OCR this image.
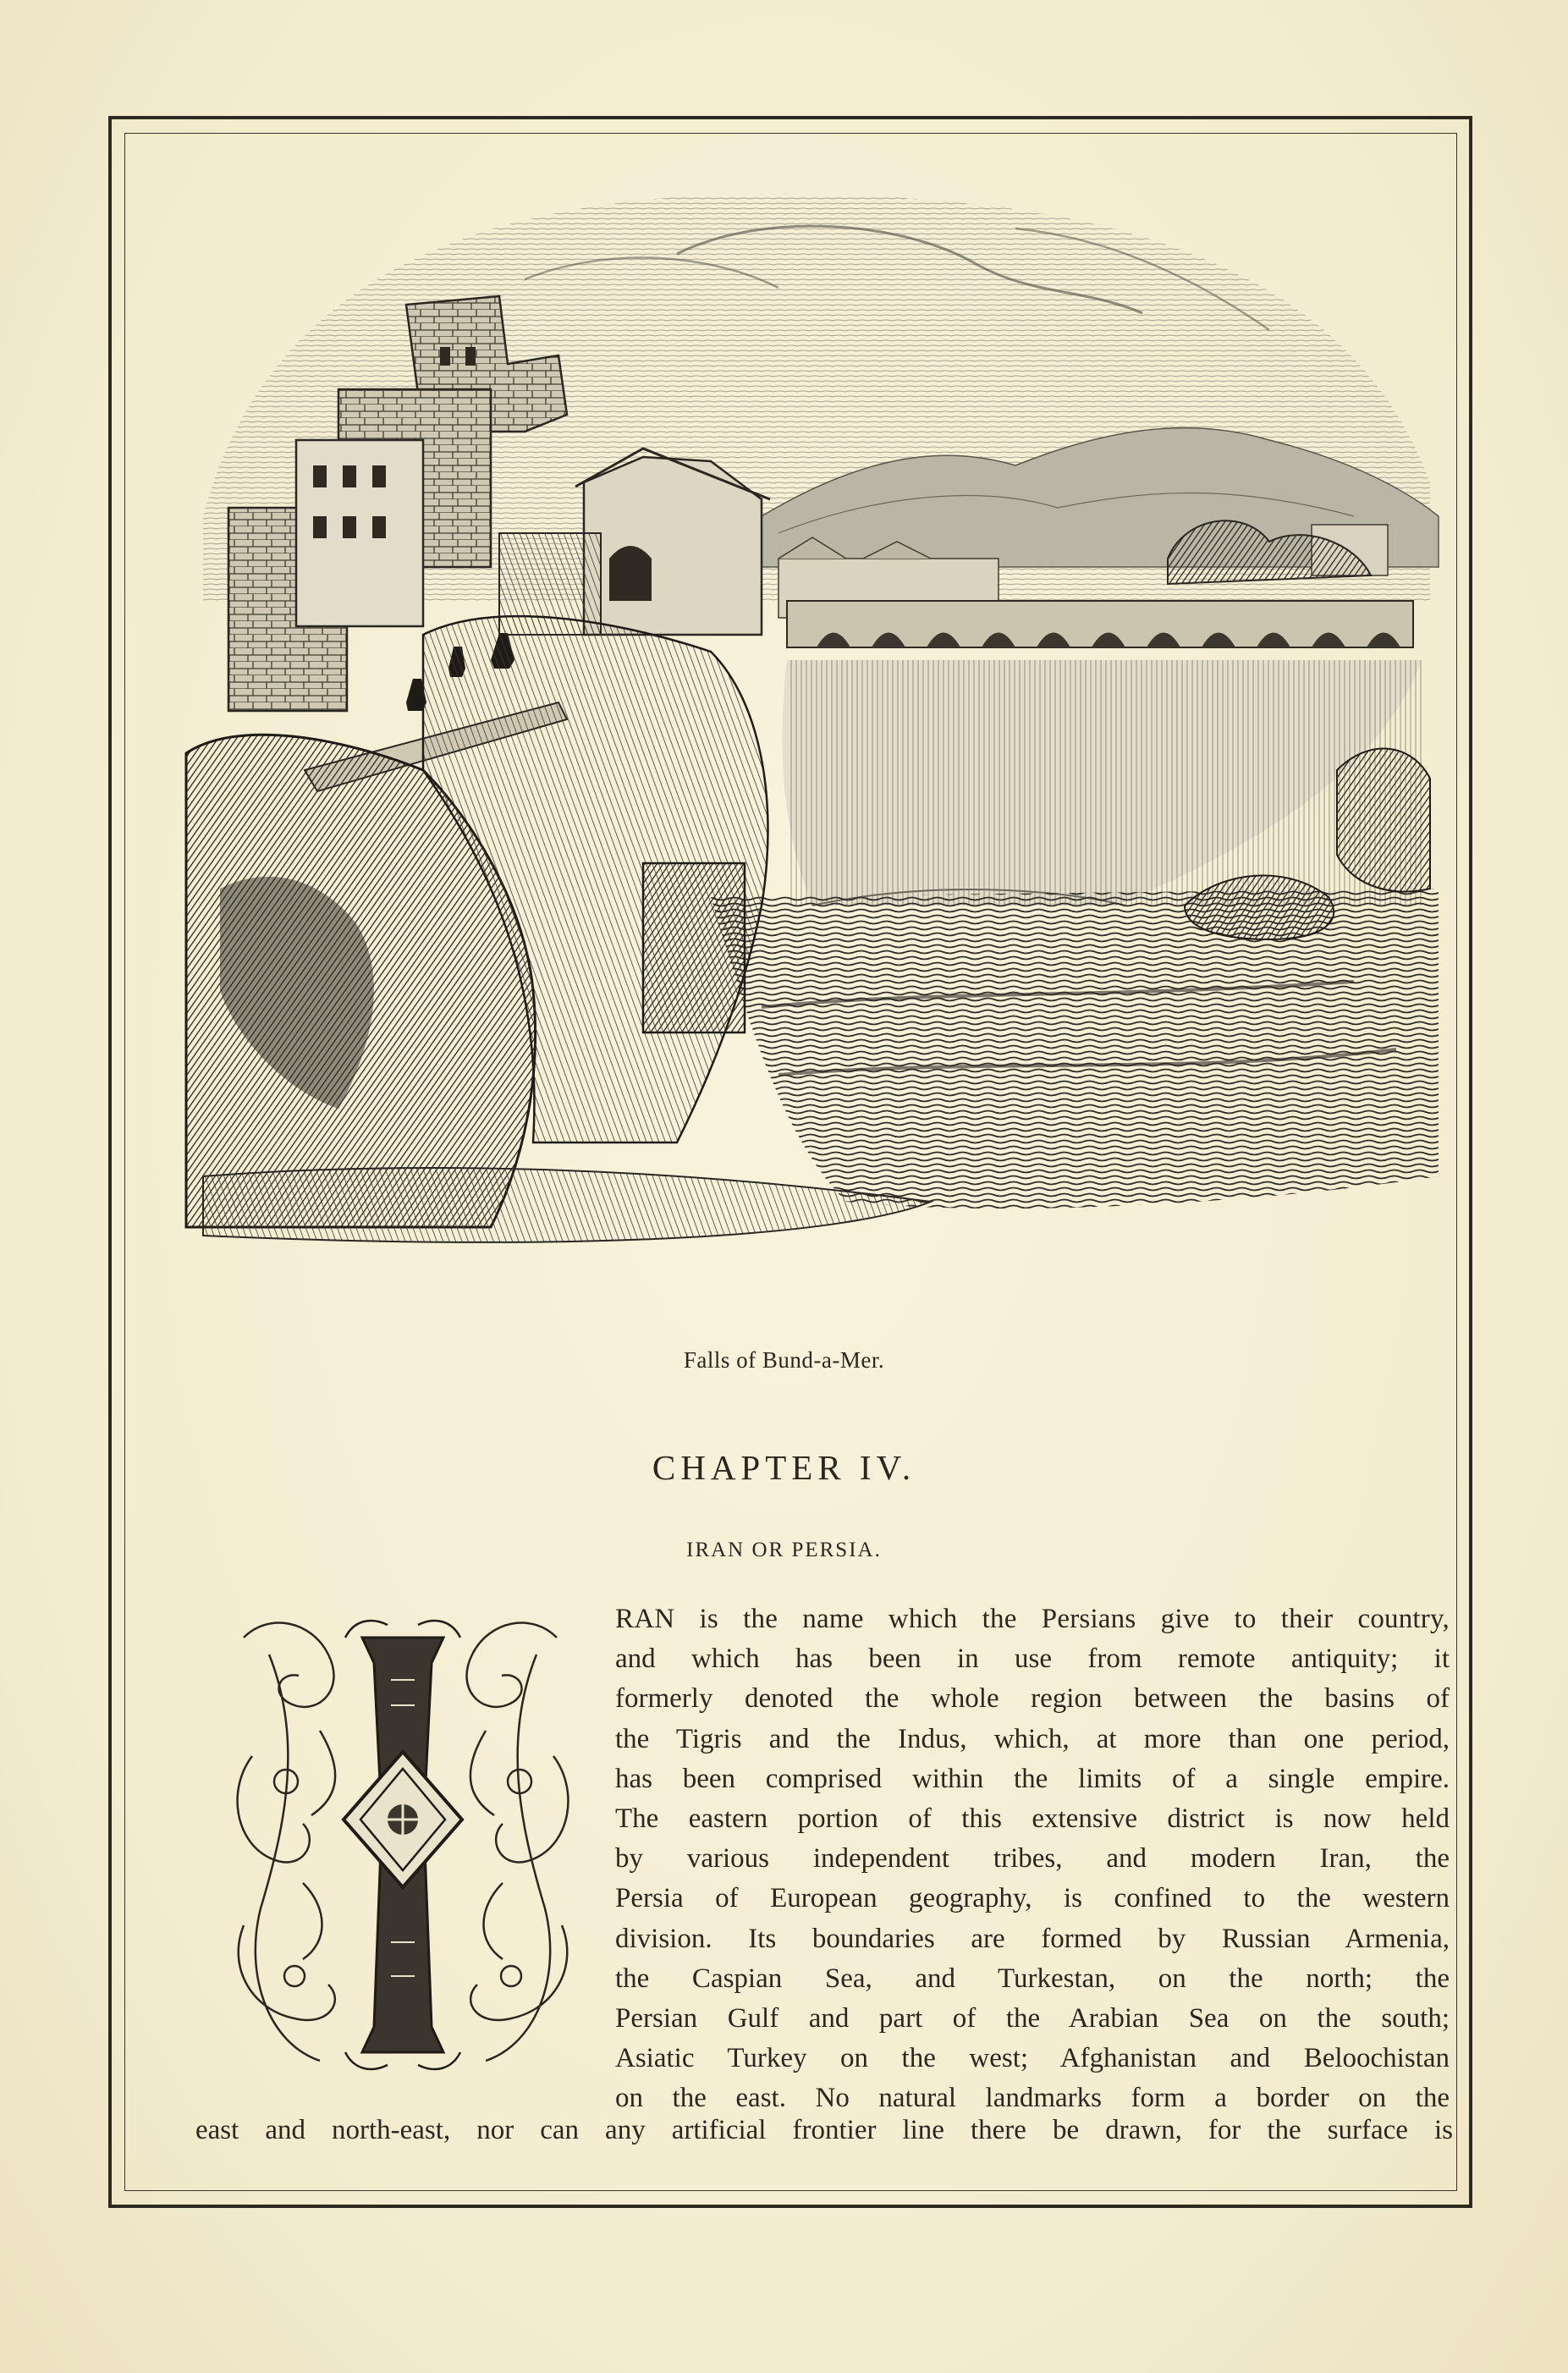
Falls of Bund-a-Mer.
CHAPTER IV.
IRAN OR PERSIA.
RAN is the name which the Persians give to their country,
and which has been in use from remote antiquity; it
formerly denoted the whole region between the basins of
the Tigris and the Indus, which, at more than one period,
has been comprised within the limits of a single empire.
The eastern portion of this extensive district is now held
by various independent tribes, and modern Iran, the
Persia of European geography, is confined to the western
division. Its boundaries are formed by Russian Armenia,
the Caspian Sea, and Turkestan, on the north; the
Persian Gulf and part of the Arabian Sea on the south;
Asiatic Turkey on the west; Afghanistan and Beloochistan
on the east. No natural landmarks form a border on the
east and north-east, nor can any artificial frontier line there be drawn, for the surface is
